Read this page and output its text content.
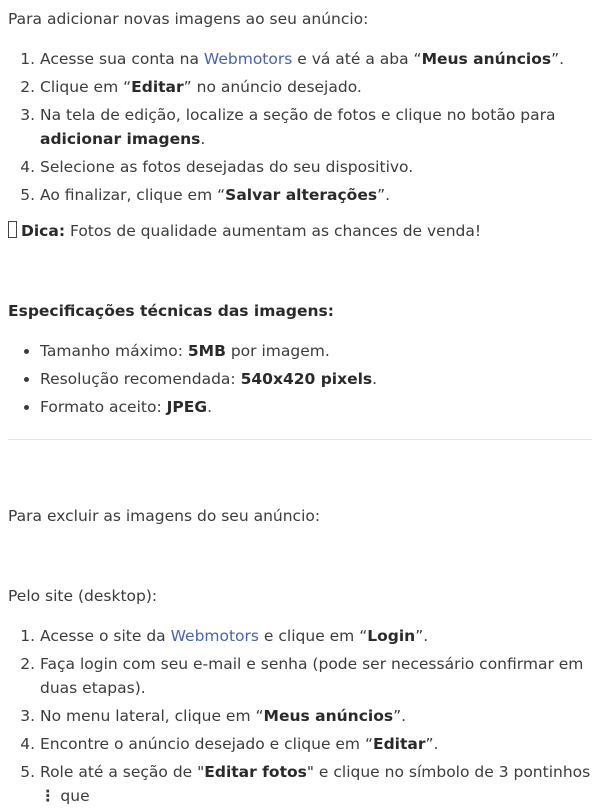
Para adicionar novas imagens ao seu anúncio:

1. Acesse sua conta na Webmotors e vá até a aba “Meus anúncios”.
2. Clique em “Editar” no anúncio desejado.
3. Na tela de edição, localize a seção de fotos e clique no botão para adicionar imagens.
4. Selecione as fotos desejadas do seu dispositivo.
5. Ao finalizar, clique em “Salvar alterações”.

Dica: Fotos de qualidade aumentam as chances de venda!

Especificações técnicas das imagens:

• Tamanho máximo: 5MB por imagem.
• Resolução recomendada: 540x420 pixels.
• Formato aceito: JPEG.

Para excluir as imagens do seu anúncio:

Pelo site (desktop):

1. Acesse o site da Webmotors e clique em “Login”.
2. Faça login com seu e-mail e senha (pode ser necessário confirmar em duas etapas).
3. No menu lateral, clique em “Meus anúncios”.
4. Encontre o anúncio desejado e clique em “Editar”.
5. Role até a seção de "Editar fotos" e clique no símbolo de 3 pontinhos ⋮ que
